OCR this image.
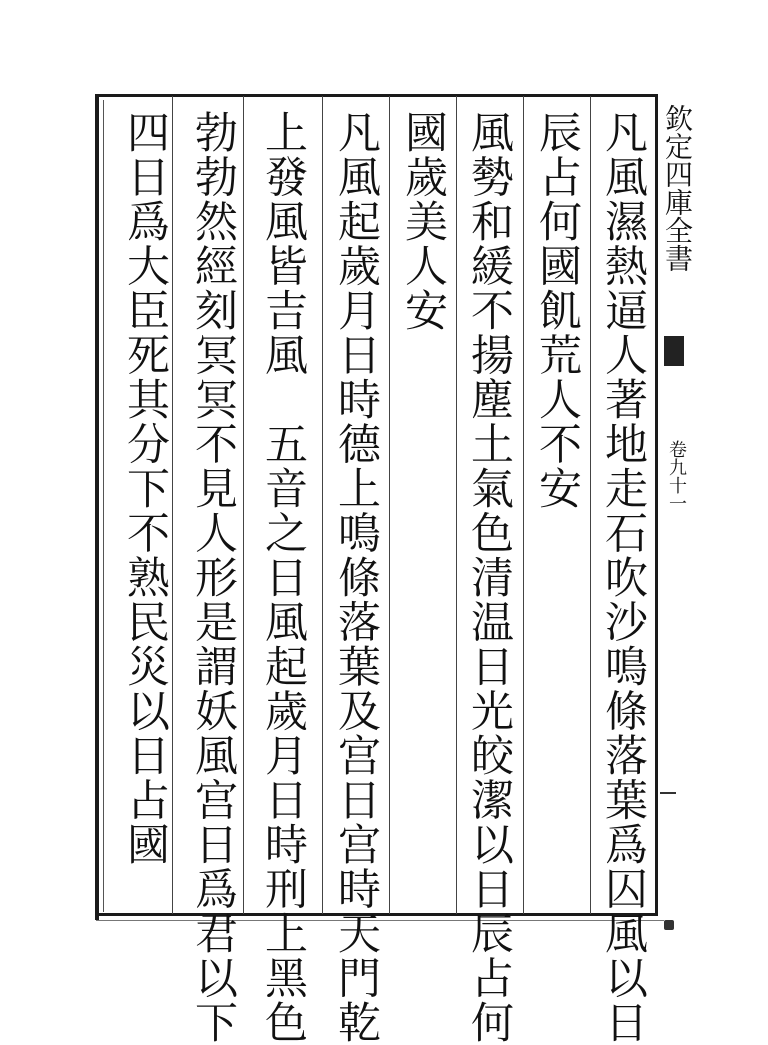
欽定四庫全書
卷九十一
凡風濕熱逼人著地走石吹沙鳴條落葉爲囚風以日
辰占何國飢荒人不安
風勢和緩不揚塵土氣色清温日光皎潔以日辰占何
國歲美人安
凡風起歲月日時德上鳴條落葉及宫日宫時天門乾
上發風皆吉風　五音之日風起歲月日時刑上黑色
勃勃然經刻冥冥不見人形是謂妖風宫日爲君以下
四日爲大臣死其分下不熟民災以日占國
